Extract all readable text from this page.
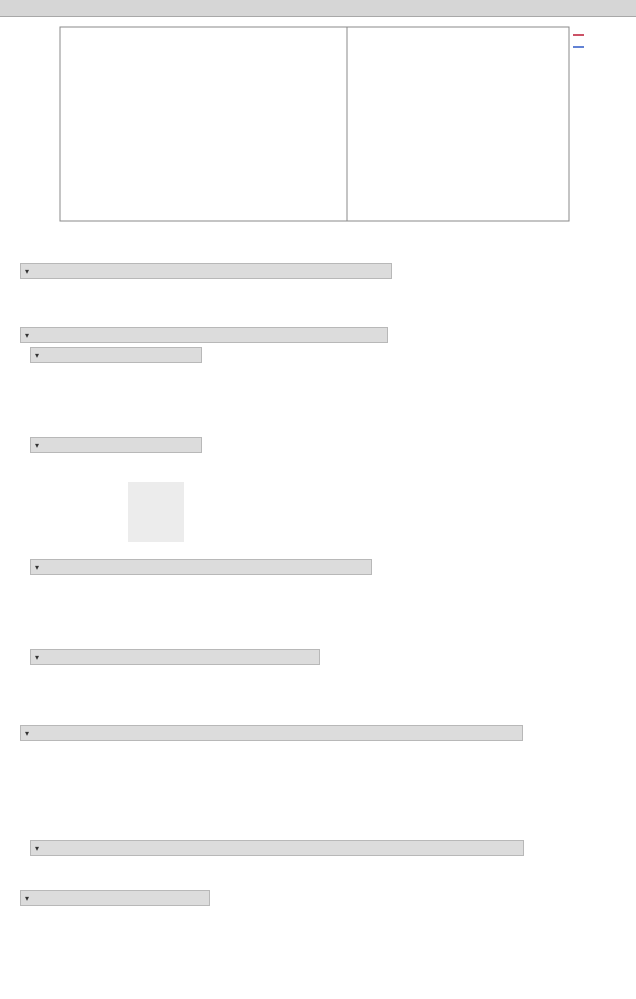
▾

▾
▾

▾

▾

▾

▾

▾

▾
